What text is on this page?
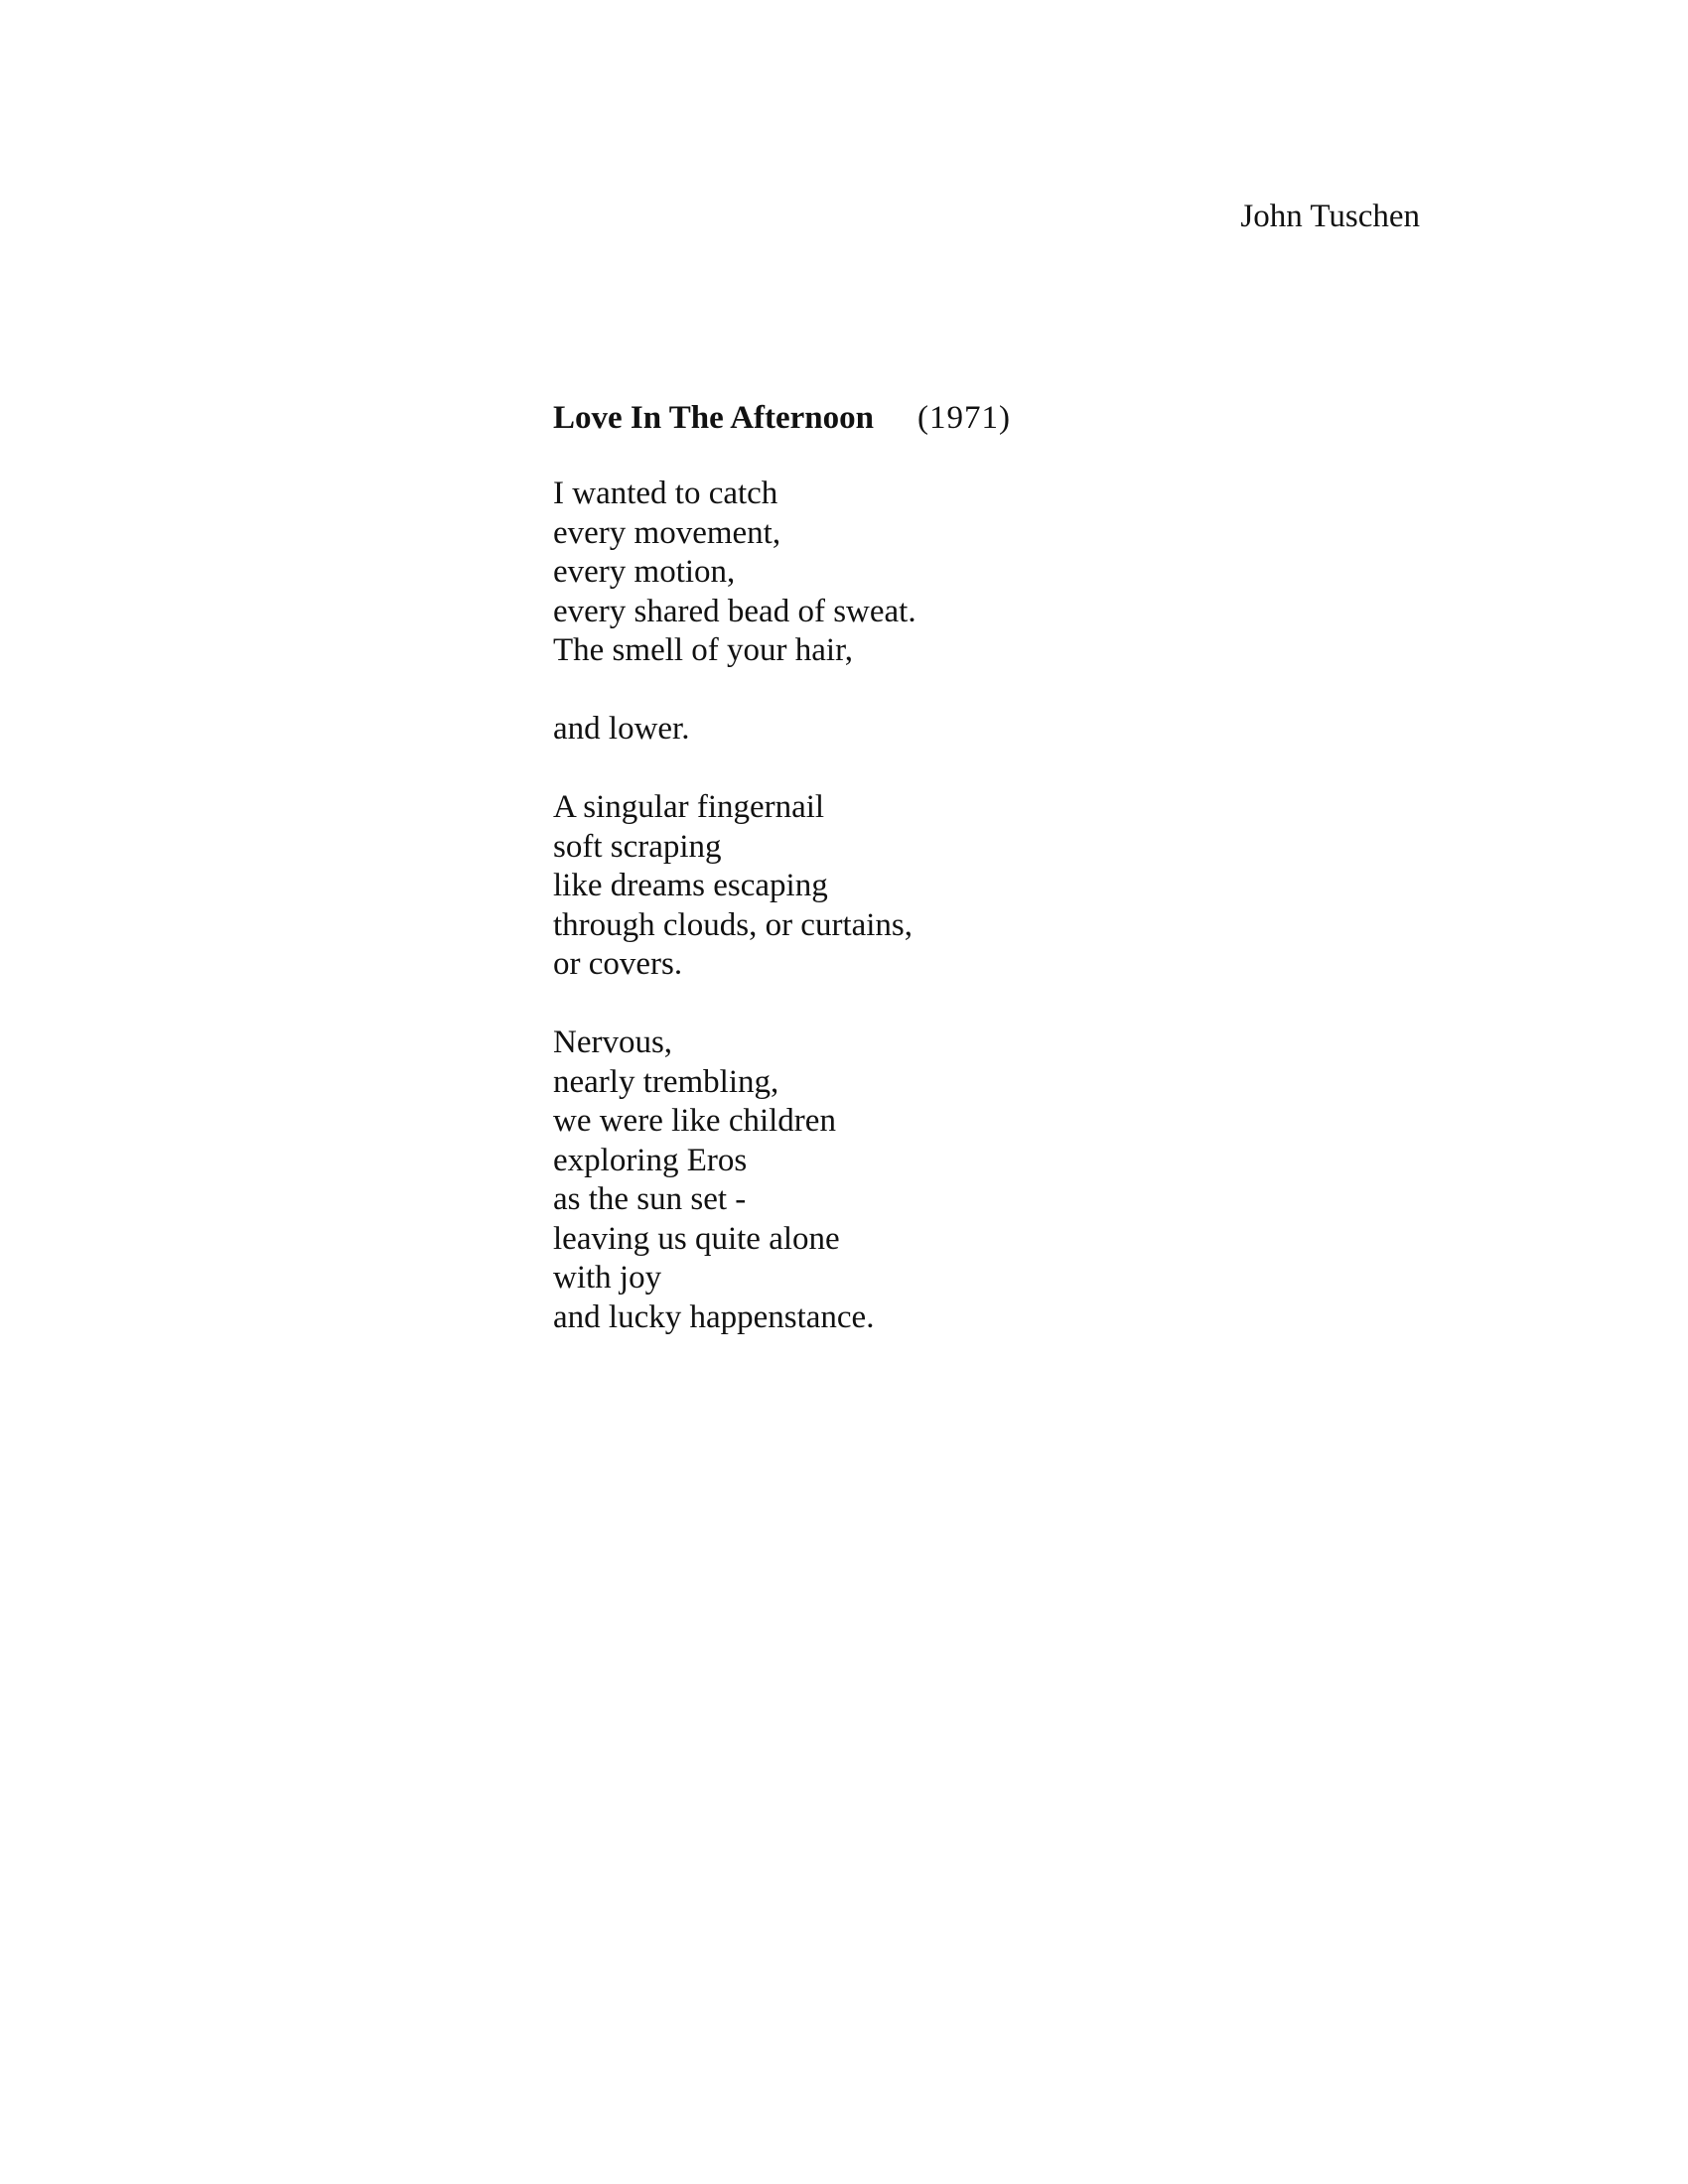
John Tuschen
Love In The Afternoon (1971)
I wanted to catch
every movement,
every motion,
every shared bead of sweat.
The smell of your hair,
and lower.
A singular fingernail
soft scraping
like dreams escaping
through clouds, or curtains,
or covers.
Nervous,
nearly trembling,
we were like children
exploring Eros
as the sun set -
leaving us quite alone
with joy
and lucky happenstance.
